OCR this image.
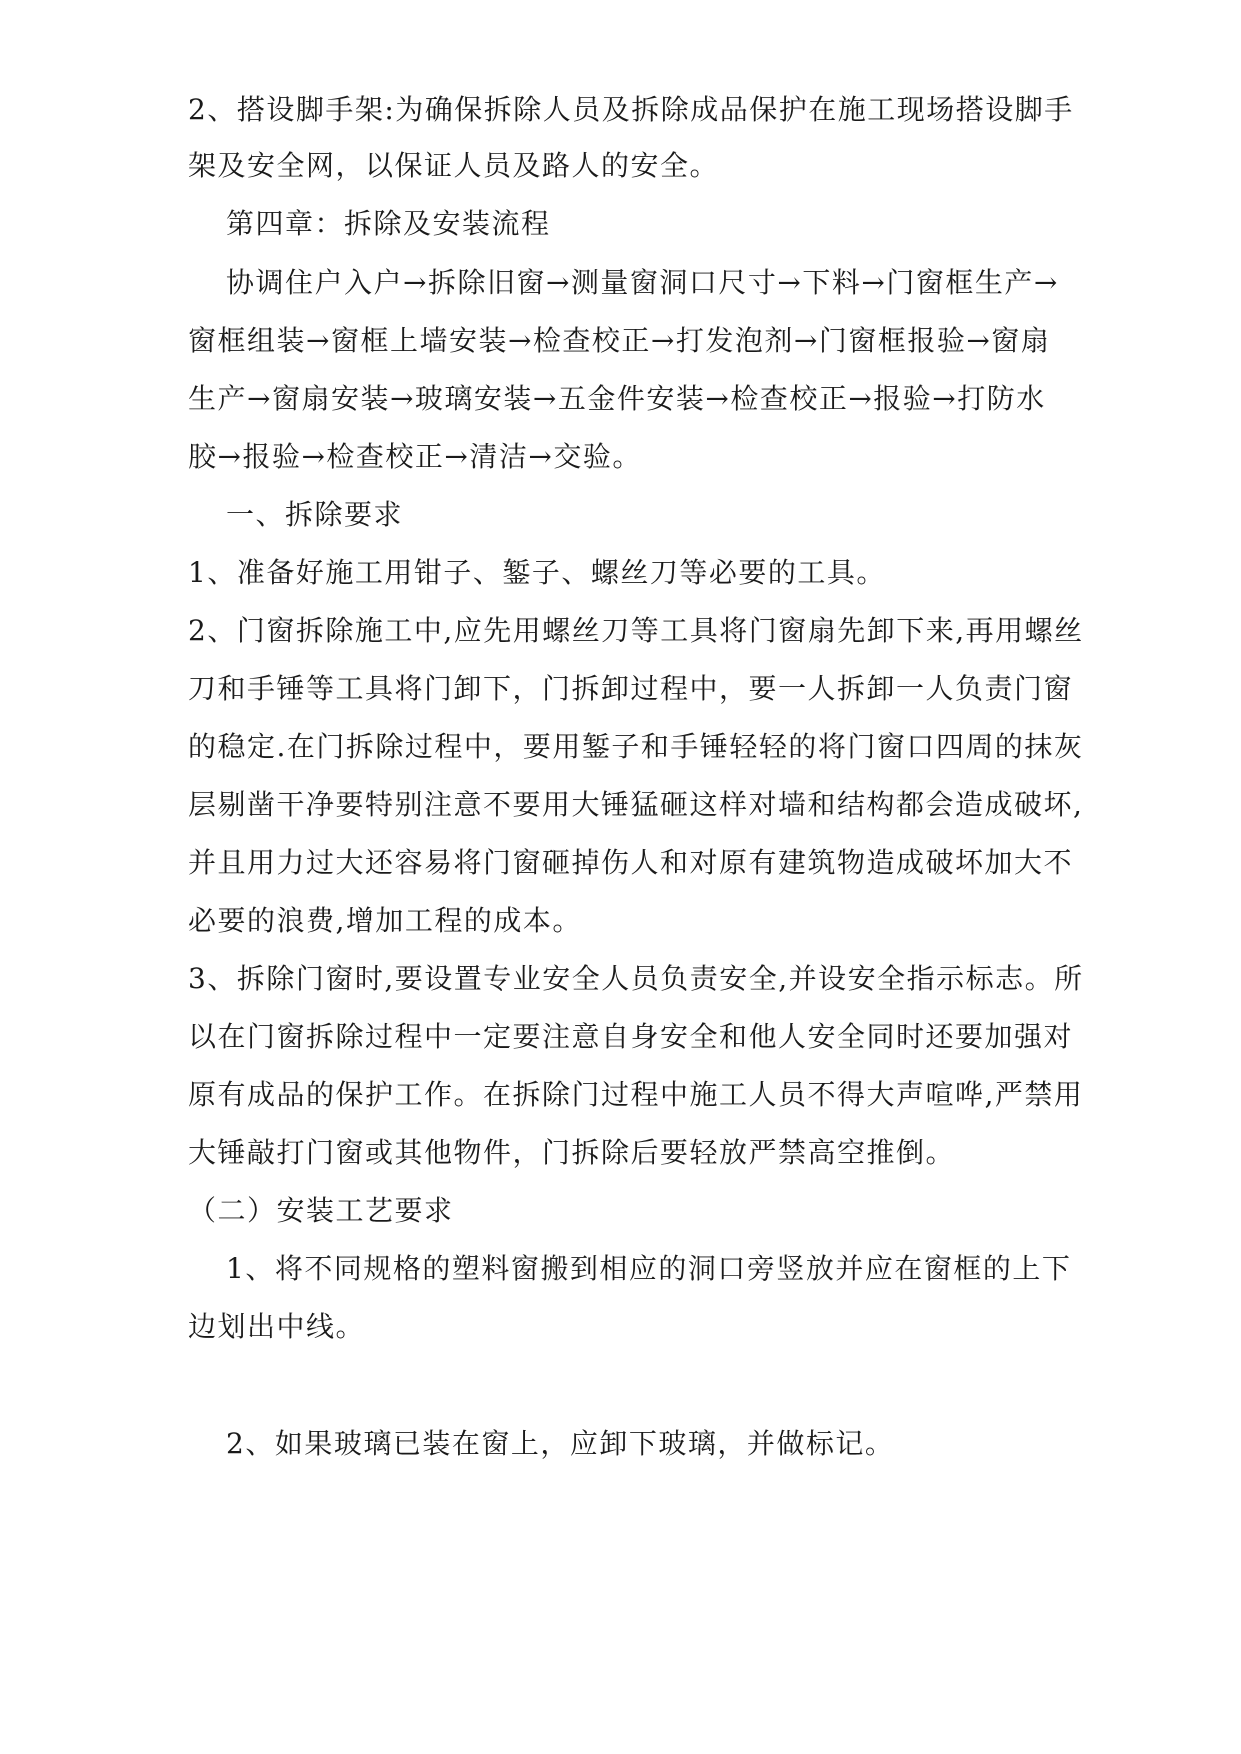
2、搭设脚手架:为确保拆除人员及拆除成品保护在施工现场搭设脚手
架及安全网，以保证人员及路人的安全。
第四章：拆除及安装流程
协调住户入户→拆除旧窗→测量窗洞口尺寸→下料→门窗框生产→
窗框组装→窗框上墙安装→检查校正→打发泡剂→门窗框报验→窗扇
生产→窗扇安装→玻璃安装→五金件安装→检查校正→报验→打防水
胶→报验→检查校正→清洁→交验。
一、拆除要求
1、准备好施工用钳子、錾子、螺丝刀等必要的工具。
2、门窗拆除施工中,应先用螺丝刀等工具将门窗扇先卸下来,再用螺丝
刀和手锤等工具将门卸下，门拆卸过程中，要一人拆卸一人负责门窗
的稳定.在门拆除过程中，要用錾子和手锤轻轻的将门窗口四周的抹灰
层剔凿干净要特别注意不要用大锤猛砸这样对墙和结构都会造成破坏,
并且用力过大还容易将门窗砸掉伤人和对原有建筑物造成破坏加大不
必要的浪费,增加工程的成本。
3、拆除门窗时,要设置专业安全人员负责安全,并设安全指示标志。所
以在门窗拆除过程中一定要注意自身安全和他人安全同时还要加强对
原有成品的保护工作。在拆除门过程中施工人员不得大声喧哗,严禁用
大锤敲打门窗或其他物件，门拆除后要轻放严禁高空推倒。
（二）安装工艺要求
1、将不同规格的塑料窗搬到相应的洞口旁竖放并应在窗框的上下
边划出中线。
2、如果玻璃已装在窗上，应卸下玻璃，并做标记。
